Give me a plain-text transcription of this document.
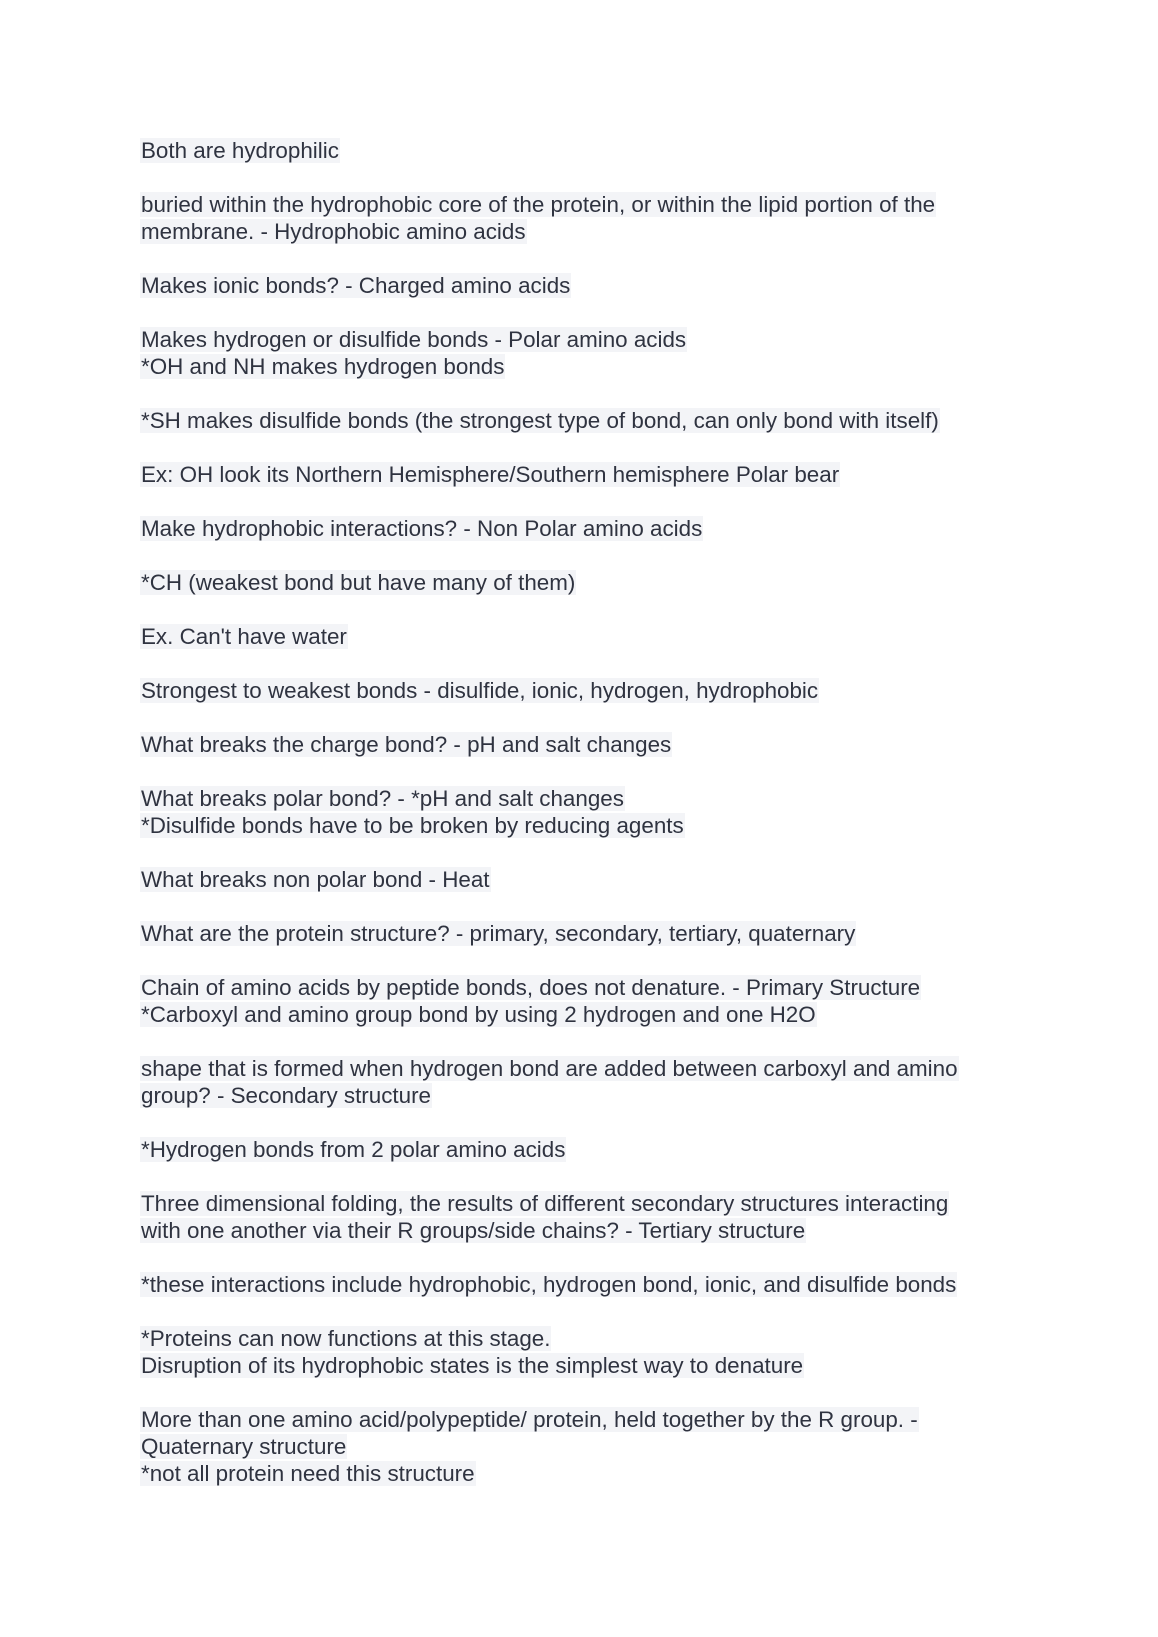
Both are hydrophilic
buried within the hydrophobic core of the protein, or within the lipid portion of the
membrane. - Hydrophobic amino acids
Makes ionic bonds? - Charged amino acids
Makes hydrogen or disulfide bonds - Polar amino acids
*OH and NH makes hydrogen bonds
*SH makes disulfide bonds (the strongest type of bond, can only bond with itself)
Ex: OH look its Northern Hemisphere/Southern hemisphere Polar bear
Make hydrophobic interactions? - Non Polar amino acids
*CH (weakest bond but have many of them)
Ex. Can't have water
Strongest to weakest bonds - disulfide, ionic, hydrogen, hydrophobic
What breaks the charge bond? - pH and salt changes
What breaks polar bond? - *pH and salt changes
*Disulfide bonds have to be broken by reducing agents
What breaks non polar bond - Heat
What are the protein structure? - primary, secondary, tertiary, quaternary
Chain of amino acids by peptide bonds, does not denature. - Primary Structure
*Carboxyl and amino group bond by using 2 hydrogen and one H2O
shape that is formed when hydrogen bond are added between carboxyl and amino
group? - Secondary structure
*Hydrogen bonds from 2 polar amino acids
Three dimensional folding, the results of different secondary structures interacting
with one another via their R groups/side chains? - Tertiary structure
*these interactions include hydrophobic, hydrogen bond, ionic, and disulfide bonds
*Proteins can now functions at this stage.
Disruption of its hydrophobic states is the simplest way to denature
More than one amino acid/polypeptide/ protein, held together by the R group. -
Quaternary structure
*not all protein need this structure
